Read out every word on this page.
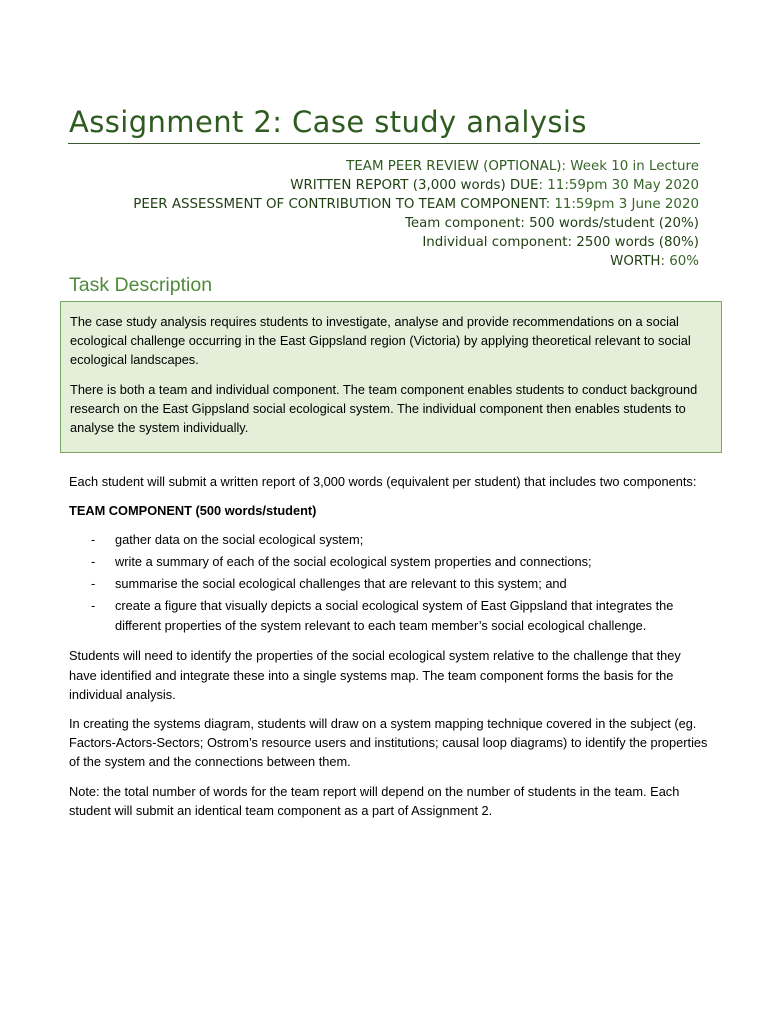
Assignment 2: Case study analysis
TEAM PEER REVIEW (OPTIONAL): Week 10 in Lecture
WRITTEN REPORT (3,000 words) DUE: 11:59pm 30 May 2020
PEER ASSESSMENT OF CONTRIBUTION TO TEAM COMPONENT: 11:59pm 3 June 2020
Team component: 500 words/student (20%)
Individual component: 2500 words (80%)
WORTH: 60%
Task Description

The case study analysis requires students to investigate, analyse and provide recommendations on a social ecological challenge occurring in the East Gippsland region (Victoria) by applying theoretical relevant to social ecological landscapes.

There is both a team and individual component. The team component enables students to conduct background research on the East Gippsland social ecological system. The individual component then enables students to analyse the system individually.

Each student will submit a written report of 3,000 words (equivalent per student) that includes two components:

TEAM COMPONENT (500 words/student)

- gather data on the social ecological system;
- write a summary of each of the social ecological system properties and connections;
- summarise the social ecological challenges that are relevant to this system; and
- create a figure that visually depicts a social ecological system of East Gippsland that integrates the different properties of the system relevant to each team member’s social ecological challenge.

Students will need to identify the properties of the social ecological system relative to the challenge that they have identified and integrate these into a single systems map. The team component forms the basis for the individual analysis.

In creating the systems diagram, students will draw on a system mapping technique covered in the subject (eg. Factors-Actors-Sectors; Ostrom’s resource users and institutions; causal loop diagrams) to identify the properties of the system and the connections between them.

Note: the total number of words for the team report will depend on the number of students in the team. Each student will submit an identical team component as a part of Assignment 2.
